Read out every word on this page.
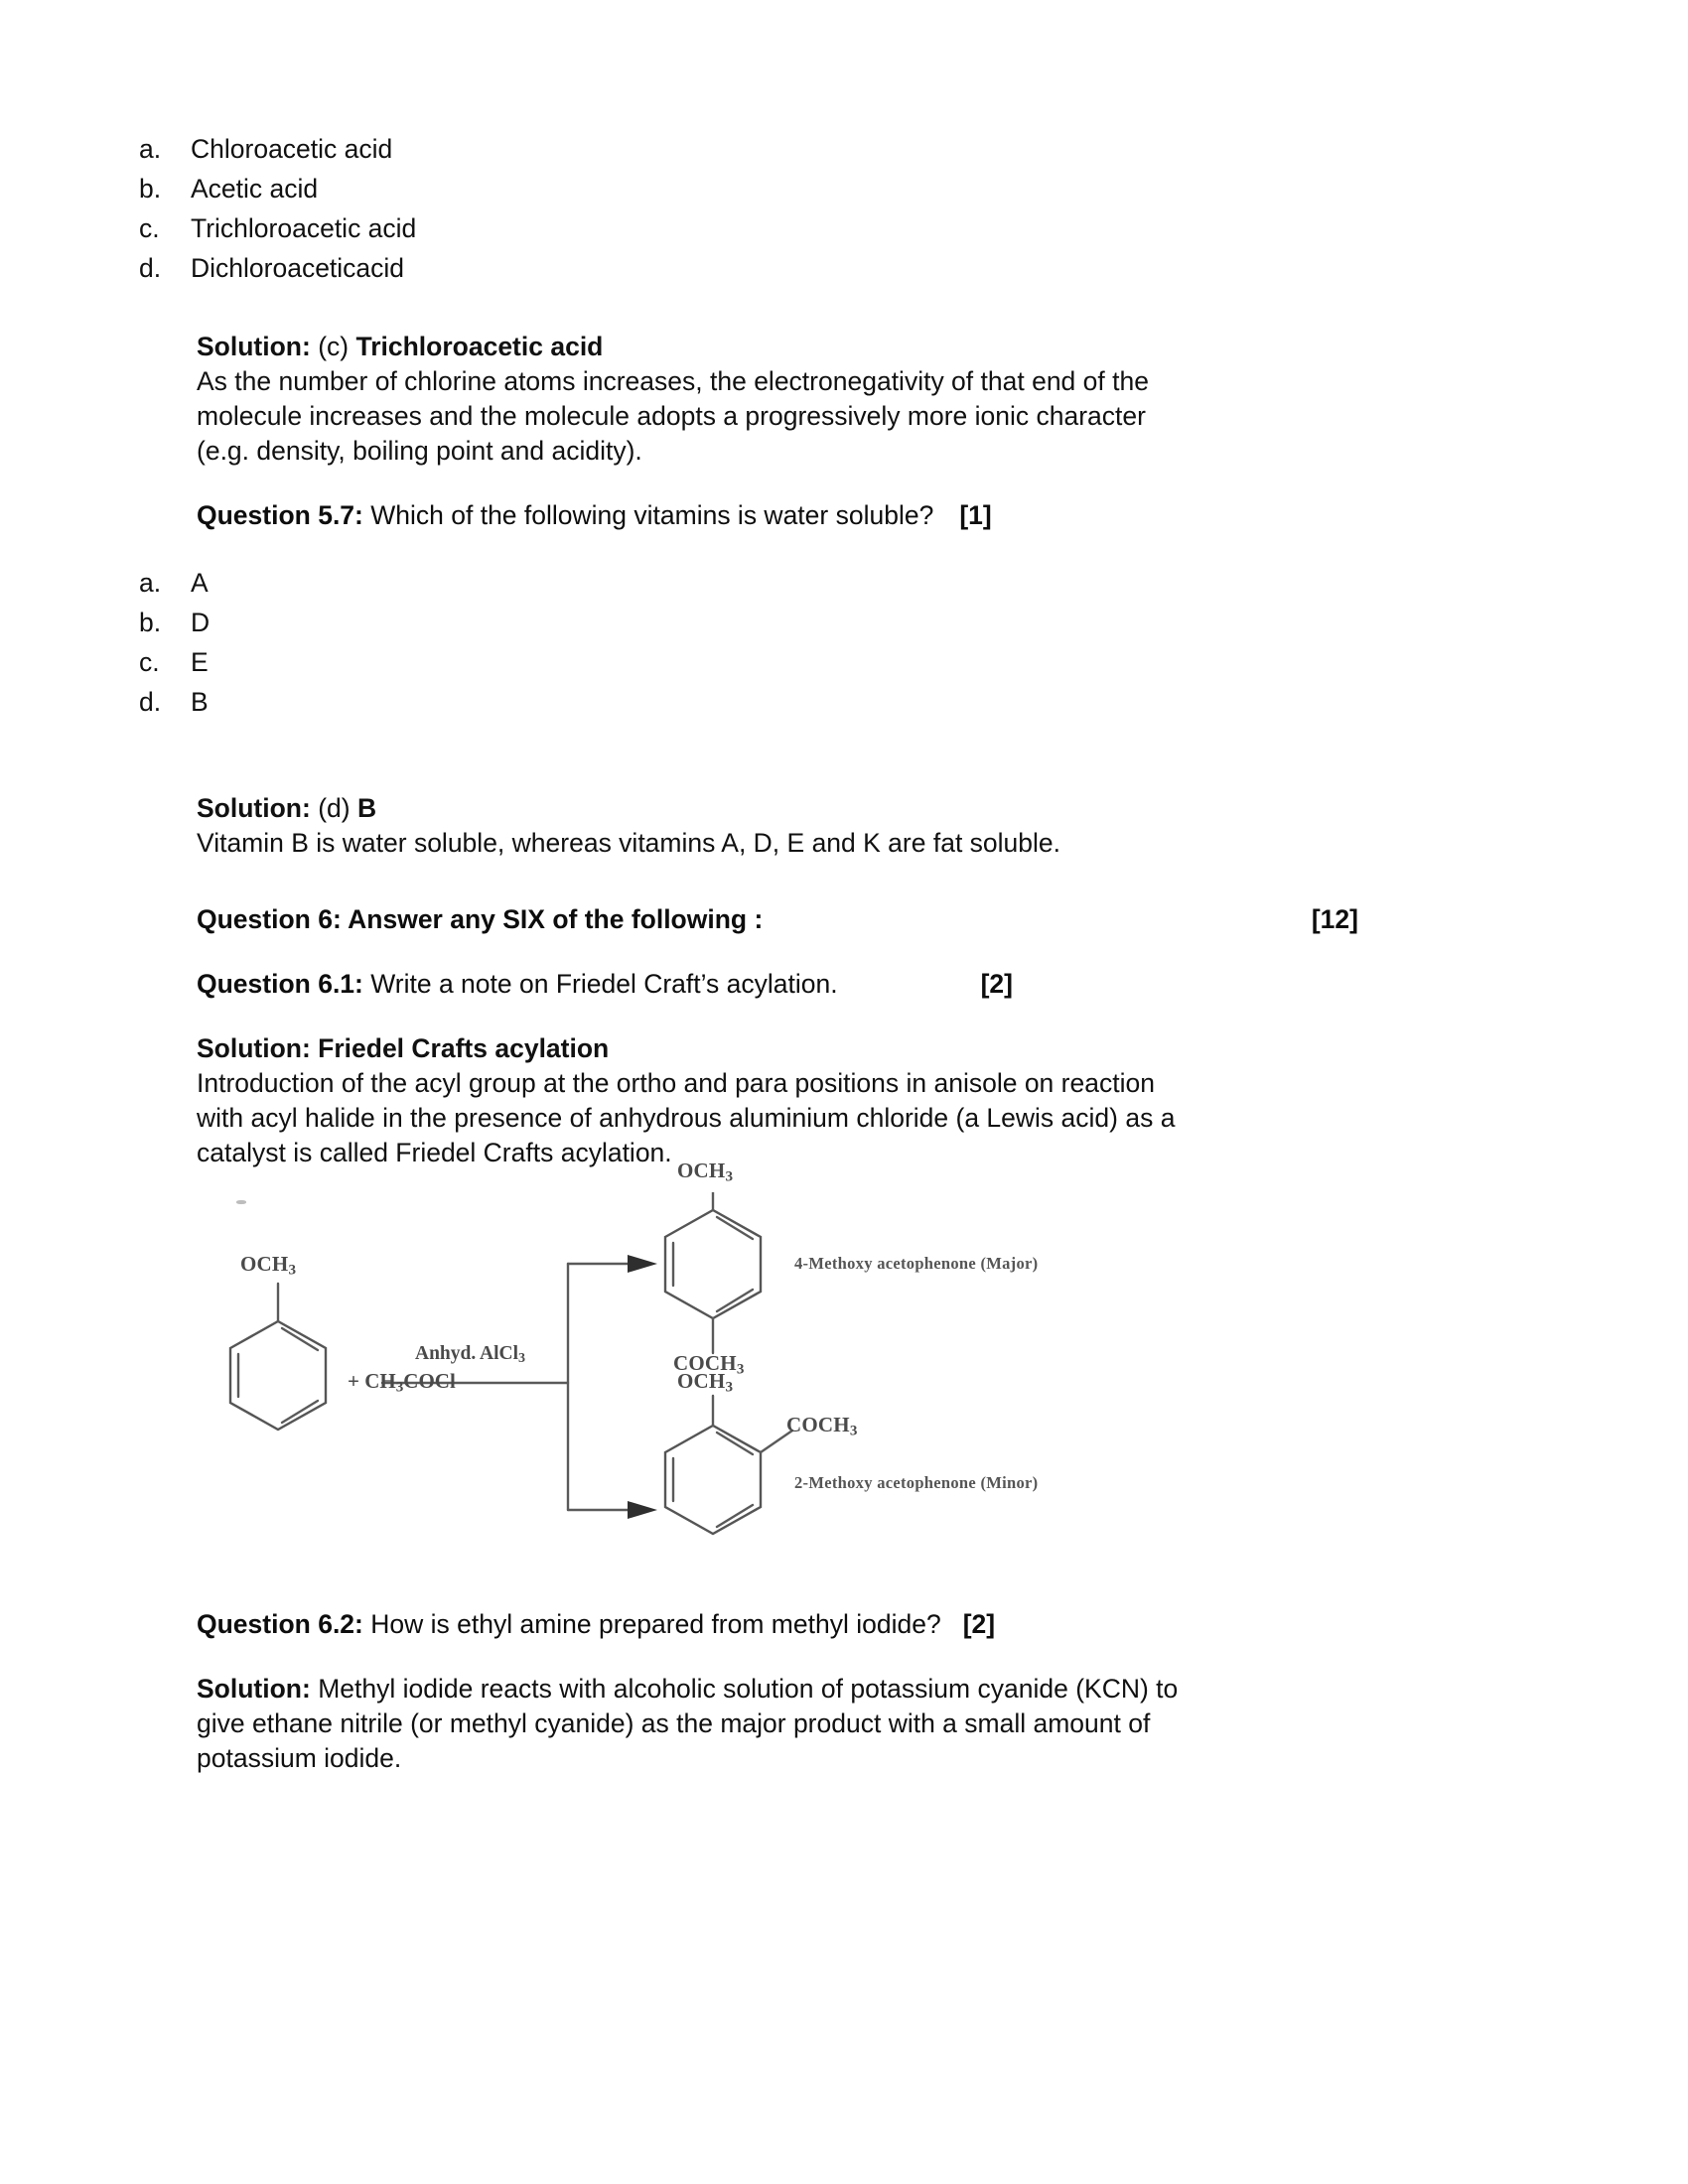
a.	Chloroacetic acid
b.	Acetic acid
c.	Trichloroacetic acid
d.	Dichloroaceticacid

Solution: (c) Trichloroacetic acid

As the number of chlorine atoms increases, the electronegativity of that end of the molecule increases and the molecule adopts a progressively more ionic character (e.g. density, boiling point and acidity).

Question 5.7: Which of the following vitamins is water soluble? [1]
a.	A
b.	D
c.	E
d.	B

Solution: (d) B

Vitamin B is water soluble, whereas vitamins A, D, E and K are fat soluble.

Question 6: Answer any SIX of the following :	[12]
Question 6.1: Write a note on Friedel Craft’s acylation.	[2]

Solution: Friedel Crafts acylation

Introduction of the acyl group at the ortho and para positions in anisole on reaction with acyl halide in the presence of anhydrous aluminium chloride (a Lewis acid) as a catalyst is called Friedel Crafts acylation.

$OCH_3$
+ $CH_3COCl$
Anhyd. AlCl$_3$
$OCH_3$
$COCH_3$
4-Methoxy acetophenone (Major)
$OCH_3$
$COCH_3$
2-Methoxy acetophenone (Minor)
Question 6.2: How is ethyl amine prepared from methyl iodide? [2]

Solution: Methyl iodide reacts with alcoholic solution of potassium cyanide (KCN) to give ethane nitrile (or methyl cyanide) as the major product with a small amount of potassium iodide.
